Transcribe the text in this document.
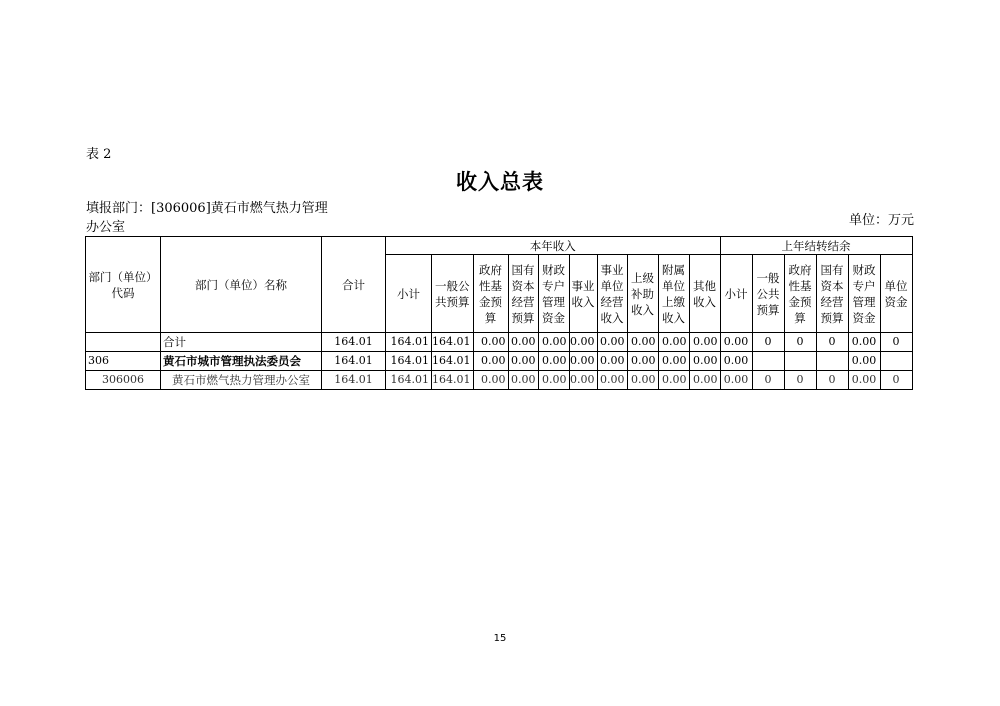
表 2
收入总表
填报部门：[306006]黄石市燃气热力管理办公室	单位：万元
部门（单位）代码	部门（单位）名称	合计	本年收入										上年结转结余					
			小计	一般公共预算	政府性基金预算	国有资本经营预算	财政专户管理资金	事业收入	事业单位经营收入	上级补助收入	附属单位上缴收入	其他收入	小计	一般公共预算	政府性基金预算	国有资本经营预算	财政专户管理资金	单位资金
	合计	164.01	164.01	164.01	0.00	0.00	0.00	0.00	0.00	0.00	0.00	0.00	0.00	0	0	0	0.00	0
306	黄石市城市管理执法委员会	164.01	164.01	164.01	0.00	0.00	0.00	0.00	0.00	0.00	0.00	0.00	0.00				0.00	
306006	黄石市燃气热力管理办公室	164.01	164.01	164.01	0.00	0.00	0.00	0.00	0.00	0.00	0.00	0.00	0.00	0	0	0	0.00	0
15
